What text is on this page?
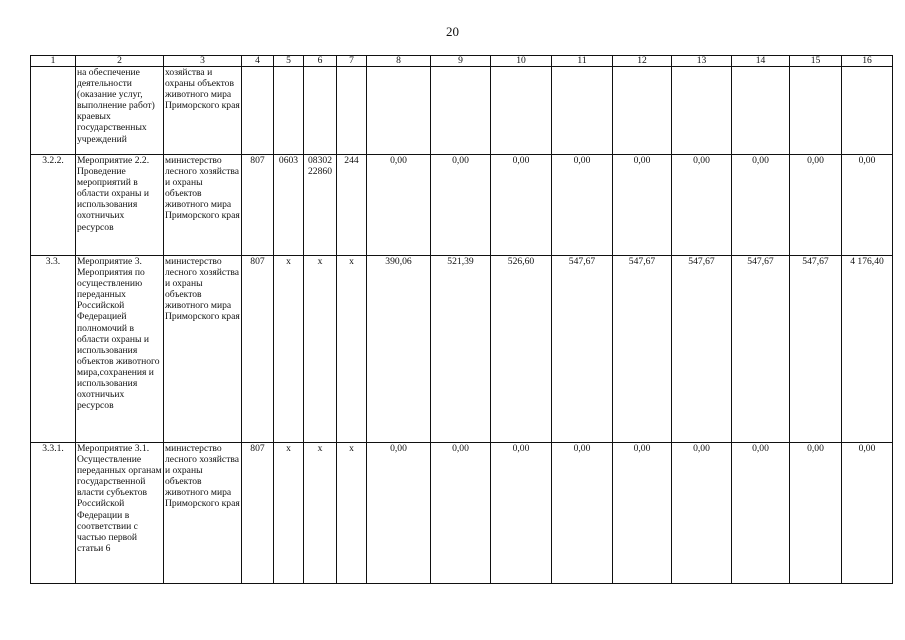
20
1	2	3	4	5	6	7	8	9	10	11	12	13	14	15	16
	на обеспечение деятельности (оказание услуг, выполнение работ) краевых государственных учреждений	хозяйства и охраны объектов животного мира Приморского края													
3.2.2.	Мероприятие 2.2. Проведение мероприятий в области охраны и использования охотничьих ресурсов	министерство лесного хозяйства и охраны объектов животного мира Приморского края	807	0603	08302 22860	244	0,00	0,00	0,00	0,00	0,00	0,00	0,00	0,00	0,00
3.3.	Мероприятие 3. Мероприятия по осуществлению переданных Российской Федерацией полномочий в области охраны и использования объектов животного мира,сохранения и использования охотничьих ресурсов	министерство лесного хозяйства и охраны объектов животного мира Приморского края	807	х	х	х	390,06	521,39	526,60	547,67	547,67	547,67	547,67	547,67	4 176,40
3.3.1.	Мероприятие 3.1. Осуществление переданных органам государственной власти субъектов Российской Федерации в соответствии с частью первой статьи 6	министерство лесного хозяйства и охраны объектов животного мира Приморского края	807	х	х	х	0,00	0,00	0,00	0,00	0,00	0,00	0,00	0,00	0,00
